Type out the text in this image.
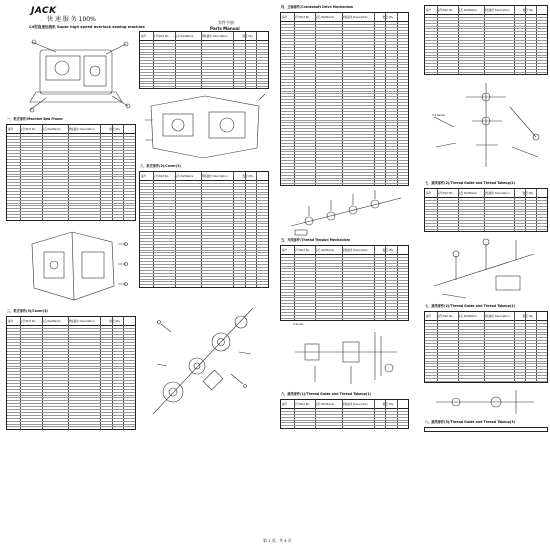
JACK
快 速 服 务 100%
C4型高速包缝机 Super high speed overlock sewing machine
零件手册
Parts Manual
一、机壳部件/Machine Bed Frame
编号	品号/Part No. 品名 PartName	规格描述 Description	数量 Qty
二、机壳部件(3)/Cover(3)
编号	品号/Part No. 品名 PartName	规格描述 Description	数量 Qty
编号	品号/Part No. 品名 PartName	规格描述 Description	数量 Qty
三、机壳部件(2)/Cover(2)
编号	品号/Part No. 品名 PartName	规格描述 Description	数量 Qty
四、主轴部件/Crankshaft Drive Mechanism
编号	品号/Part No. 品名 PartName	规格描述 Description	数量 Qty
五、夹线部件/Thread Tension Mechanism
编号	品号/Part No. 品名 PartName	规格描述 Description	数量 Qty
3 Series
六、挑线部件(1)/Thread Guide and Thread Takeup(1)
编号	品号/Part No. 品名 PartName	规格描述 Description	数量 Qty
编号 品号/Part No. 品名 PartName	规格描述 Description	数量 Qty
3.5 Series
七、挑线部件(2)/Thread Guide and Thread Takeup(2)
编号 品号/Part No. 品名 PartName	规格描述 Description	数量 Qty
七、挑线部件(2)/Thread Guide and Thread Takeup(2)
编号 品号/Part No. 品名 PartName	规格描述 Description	数量 Qty
八、挑线部件(3)/Thread Guide and Thread Takeup(3)
第 1 页，共 4 页
